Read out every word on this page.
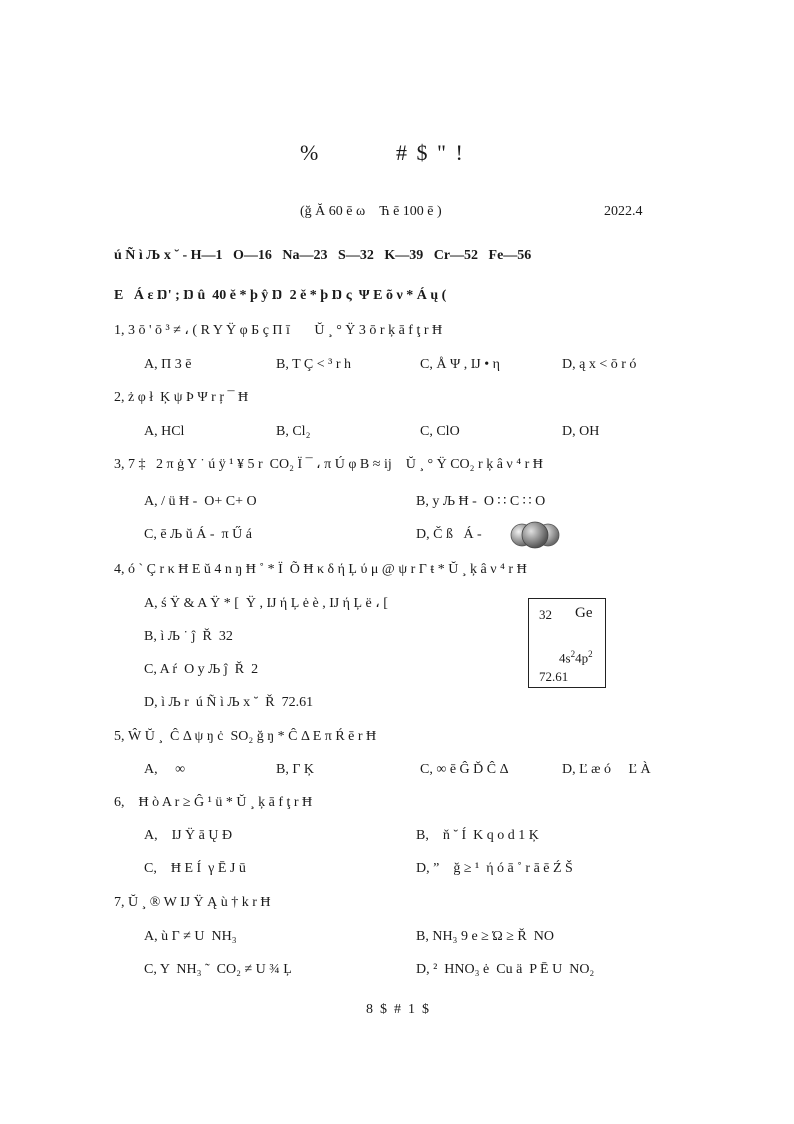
%	# $ " !
(ğ Ă 60 ē ω    Ћ ē 100 ē )	2022.4
ú Ñ ì Љ x ˘ - H—1   O—16   Na—23   S—32   K—39   Cr—52   Fe—56
E   Á ε Ŋ' ; Ŋ û  40 ě * þ ŷ Ŋ  2 ě * þ Ŋ ς  Ψ E õ ν * Á ų (
1, 3 ō ' ō ³ ≠ ، ( R Y Ÿ φ Б ç Π ī       Ŭ ¸ ° Ÿ 3 ō r ķ ā f ţ r Ħ
A, Π 3 ē	B, T Ç < ³ r h	C, Å Ψ , Ĳ • η	D, ą x < ō r ó
2, ż φ ł  Ķ ψ Þ Ψ r ŗ ¯ Ħ
A, HCl	B, Cl₂	C, ClO	D, OH
3, 7 ‡   2 π ġ Y ˙ ú ÿ ¹ ¥ 5 r  CO₂ Ï ¯ ، π Ú φ B ≈ ij    Ŭ ¸ ° Ÿ CO₂ r ķ â ν ⁴ r Ħ
A, / ü Ħ -  O+ C+ O	B, y Љ Ħ -  O ∷ C ∷ O
C, ē Љ ŭ Á -  π Ű á	D, Č ß   Á -
4, ó ` Ç r κ Ħ E ŭ 4 n ŋ Ħ ˚ * Ï  Õ Ħ κ δ ή Ļ ύ μ @ ψ r Γ ŧ * Ŭ ¸ ķ â ν ⁴ r Ħ
A, ś Ÿ & A Ÿ * [  Ÿ , Ĳ ή Ļ ė è , Ĳ ή Ļ ë ، [
B, ì Љ ˙ ĵ  Ř  32
C, A ŕ  O y Љ ĵ  Ř  2
D, ì Љ r  ú Ñ ì Љ x ˘  Ř  72.61
32 Ge
$4s^24p^2$
72.61
5, Ŵ Ŭ ¸  Ĉ Δ ψ ŋ ċ  SO₂ ğ ŋ * Ĉ Δ E π Ŕ ē r Ħ
A,     ∞	B, Γ Ķ	C, ∞ ē Ĝ Ď Ĉ Δ	D, Ľ æ ó     Ľ À
6,    Ħ ò A r ≥ Ĝ ¹ ü * Ŭ ¸ ķ ā f ţ r Ħ
A,    Ĳ Ÿ ā Ų Đ	B,    ň ˘ Í  K q o d 1 Ķ
C,    Ħ E Í  γ Ē J ū	D, ”    ğ ≥ ¹  ή ó ā ˚ r ā ē Ź Š
7, Ŭ ¸ ® W Ĳ Ÿ Ą ù † k r Ħ
A, ù Γ ≠ U  NH₃	B, NH₃ 9 e ≥ Ώ ≥ Ř  NO
C, Y  NH₃ ˜  CO₂ ≠ U ¾ Ļ	D, ²  HNO₃ ė  Cu ä  P Ē U  NO₂
8  $  #  1  $
